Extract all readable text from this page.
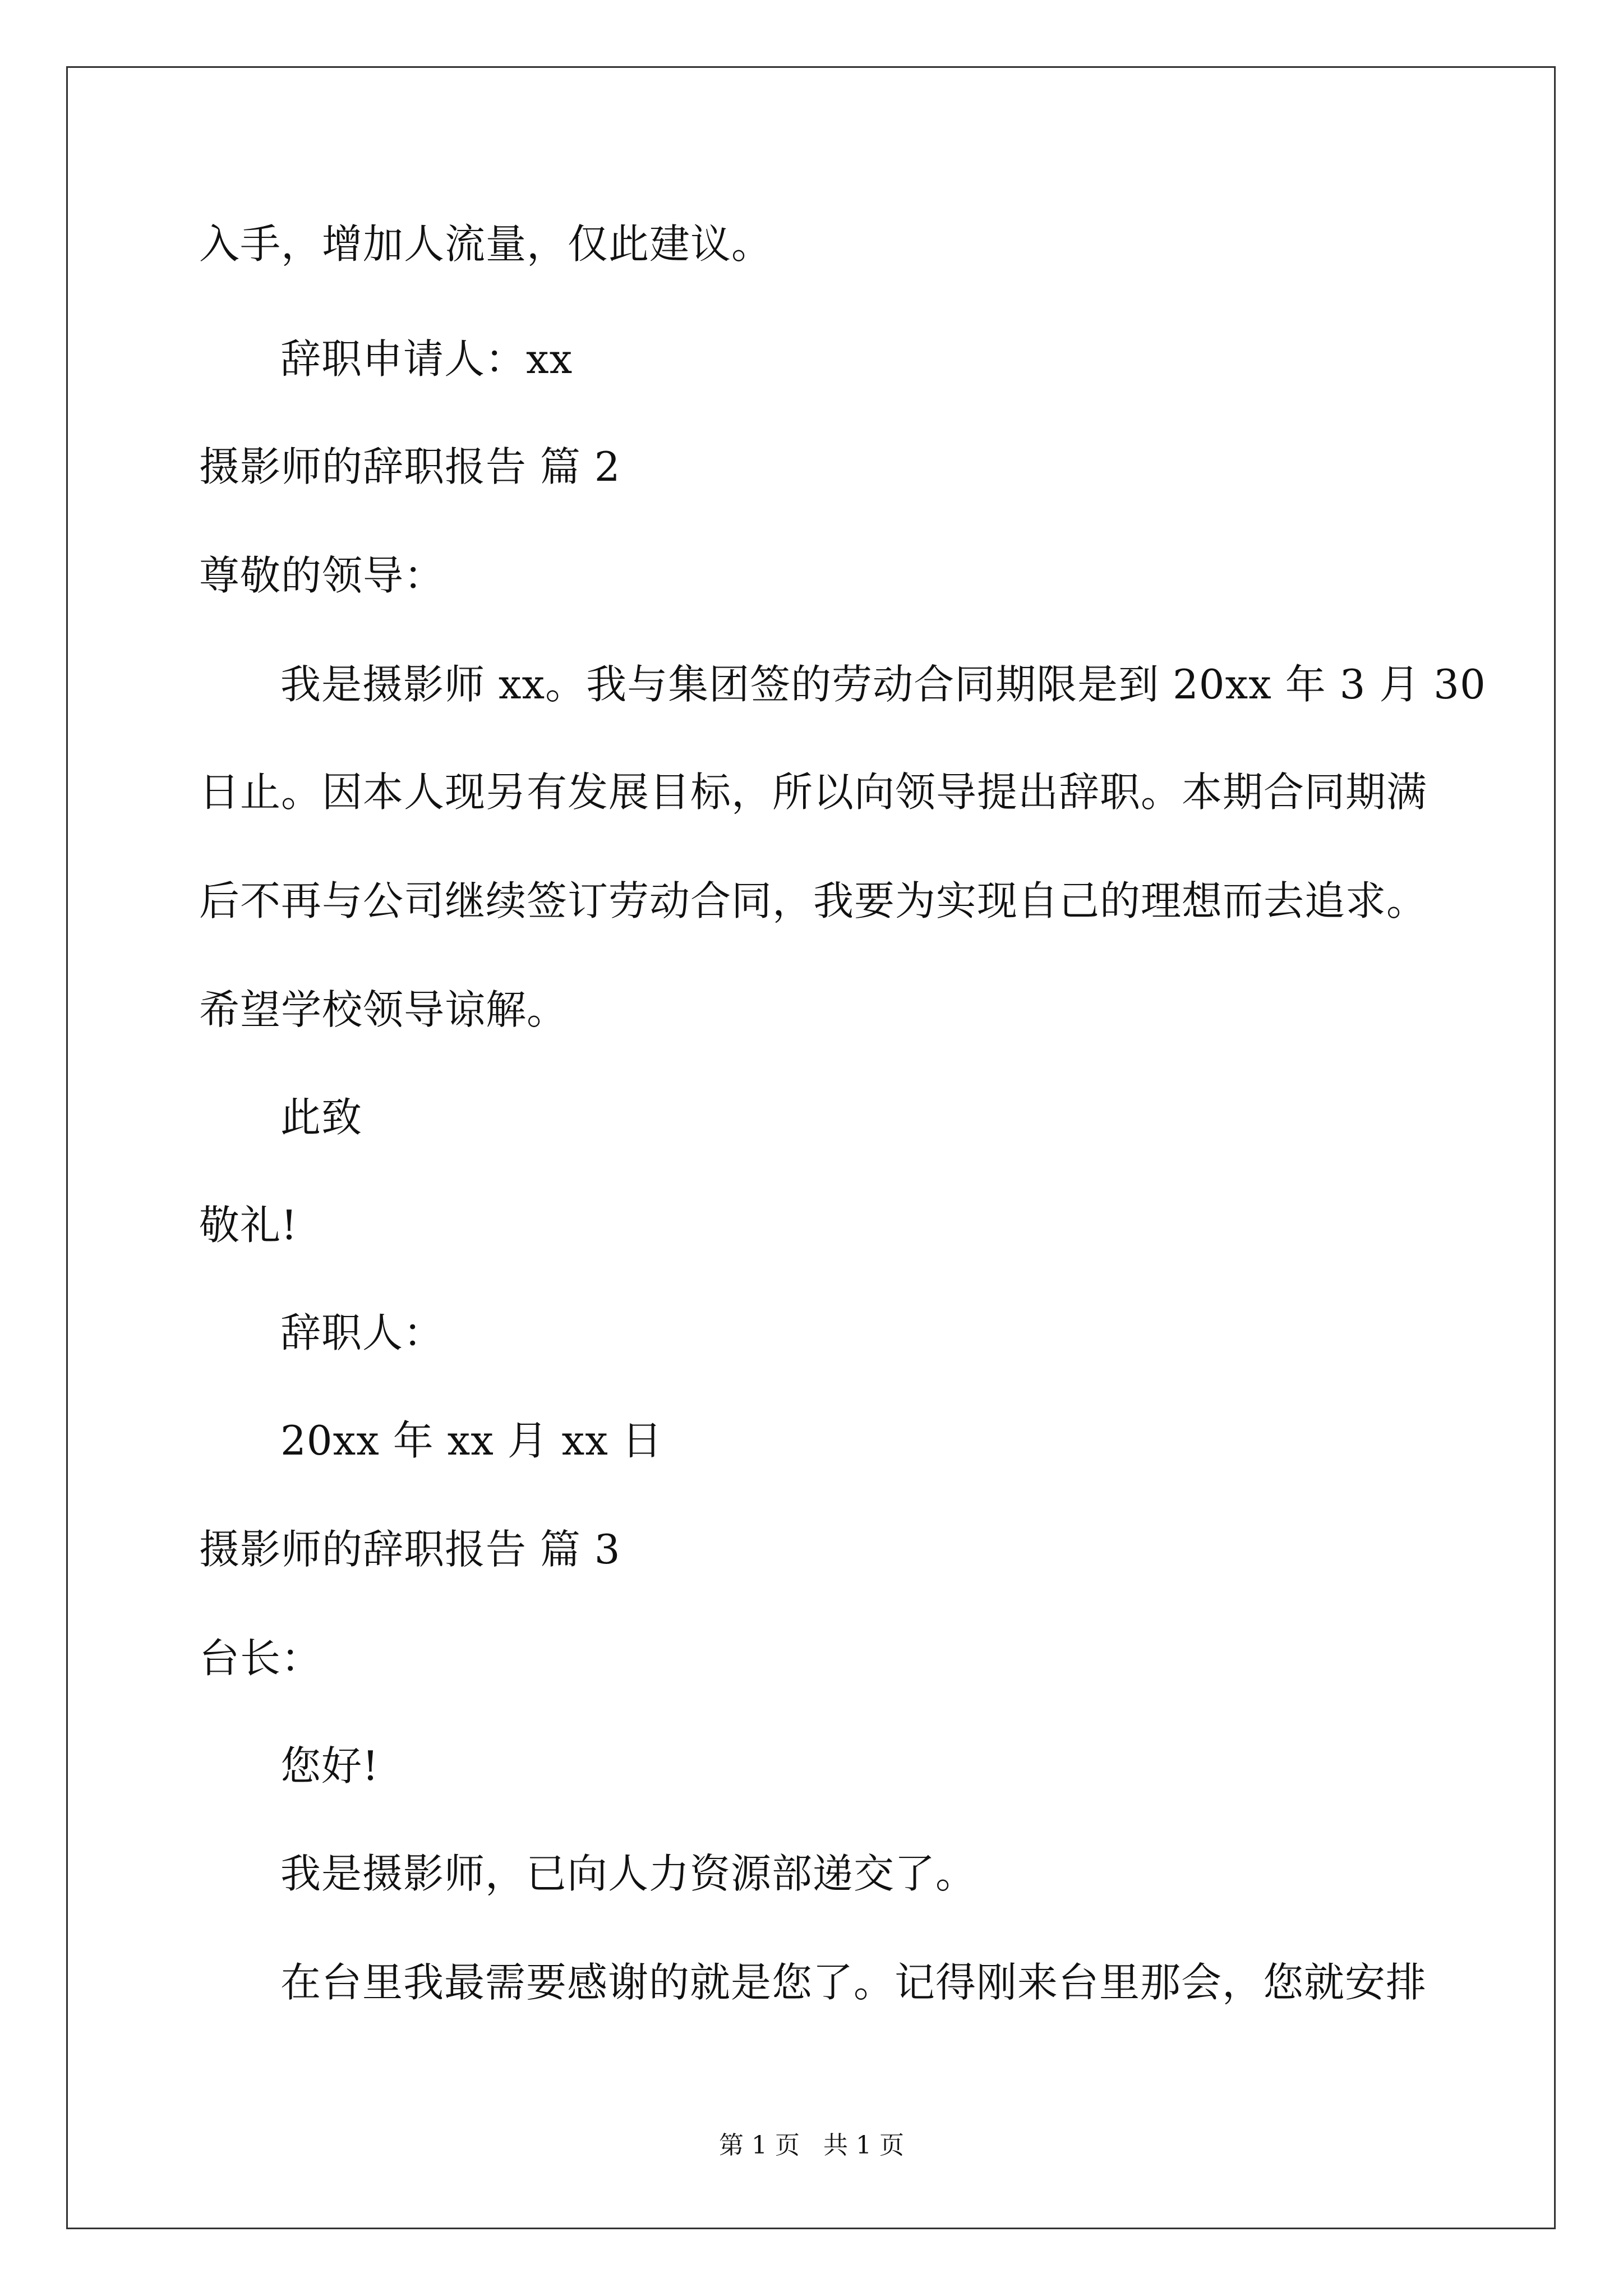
入手，增加人流量，仅此建议。
辞职申请人：xx
摄影师的辞职报告 篇 2
尊敬的领导：
我是摄影师 xx。我与集团签的劳动合同期限是到 20xx 年 3 月 30
日止。因本人现另有发展目标，所以向领导提出辞职。本期合同期满
后不再与公司继续签订劳动合同，我要为实现自己的理想而去追求。
希望学校领导谅解。
此致
敬礼!
辞职人：
20xx 年 xx 月 xx 日
摄影师的辞职报告 篇 3
台长：
您好!
我是摄影师，已向人力资源部递交了。
在台里我最需要感谢的就是您了。记得刚来台里那会，您就安排
第 1 页   共 1 页
